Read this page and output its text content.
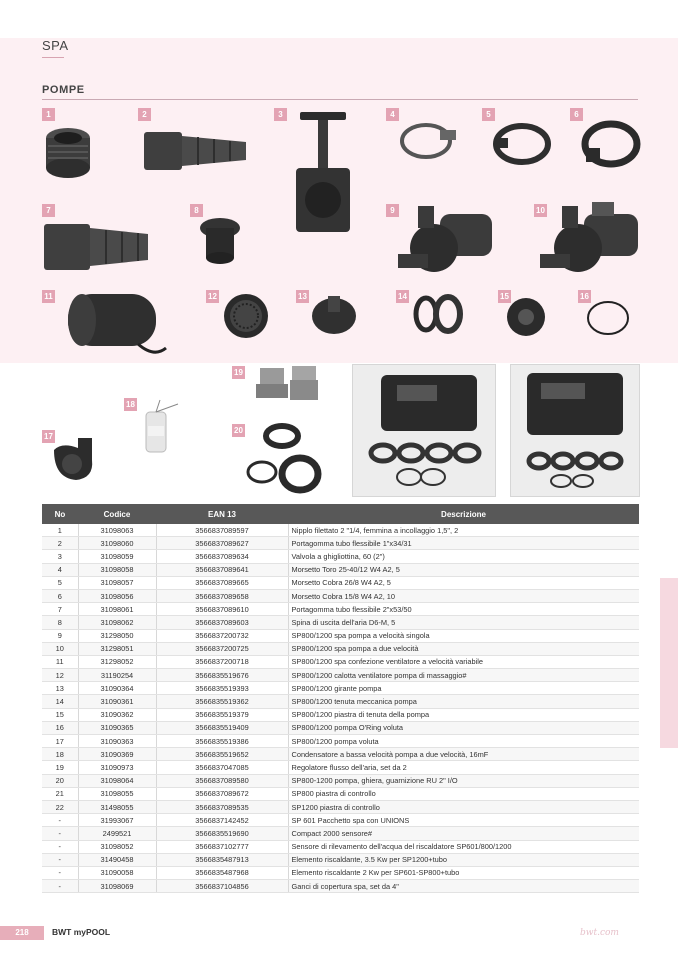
SPA
POMPE
1	2	3	4	5	6
7	8	9	10
11	12	13	14	15	16
17
18
19
20
No	Codice	EAN 13	Descrizione
1	31098063	3566837089597	Nipplo filettato 2 "1/4, femmina a incollaggio 1,5", 2
2	31098060	3566837089627	Portagomma tubo flessibile 1"x34/31
3	31098059	3566837089634	Valvola a ghigliottina, 60 (2")
4	31098058	3566837089641	Morsetto Toro 25-40/12 W4 A2, 5
5	31098057	3566837089665	Morsetto Cobra 26/8 W4 A2, 5
6	31098056	3566837089658	Morsetto Cobra 15/8 W4 A2, 10
7	31098061	3566837089610	Portagomma tubo flessibile 2"x53/50
8	31098062	3566837089603	Spina di uscita dell'aria D6-M, 5
9	31298050	3566837200732	SP800/1200 spa pompa a velocità singola
10	31298051	3566837200725	SP800/1200 spa pompa a due velocità
11	31298052	3566837200718	SP800/1200 spa confezione ventilatore a velocità variabile
12	31190254	3566835519676	SP800/1200 calotta ventilatore pompa di massaggio#
13	31090364	3566835519393	SP800/1200 girante pompa
14	31090361	3566835519362	SP800/1200 tenuta meccanica pompa
15	31090362	3566835519379	SP800/1200 piastra di tenuta della pompa
16	31090365	3566835519409	SP800/1200 pompa O'Ring voluta
17	31090363	3566835519386	SP800/1200 pompa voluta
18	31090369	3566835519652	Condensatore a bassa velocità pompa a due velocità, 16mF
19	31090973	3566837047085	Regolatore flusso dell'aria, set da 2
20	31098064	3566837089580	SP800-1200 pompa, ghiera, guarnizione RU 2" I/O
21	31098055	3566837089672	SP800 piastra di controllo
22	31498055	3566837089535	SP1200 piastra di controllo
-	31993067	3566837142452	SP 601 Pacchetto spa con UNIONS
-	2499521	3566835519690	Compact 2000 sensore#
-	31098052	3566837102777	Sensore di rilevamento dell'acqua del riscaldatore SP601/800/1200
-	31490458	3566835487913	Elemento riscaldante, 3.5 Kw per SP1200+tubo
-	31090058	3566835487968	Elemento riscaldante 2 Kw per SP601-SP800+tubo
-	31098069	3566837104856	Ganci di copertura spa, set da 4"
218	BWT myPOOL	bwt.com
